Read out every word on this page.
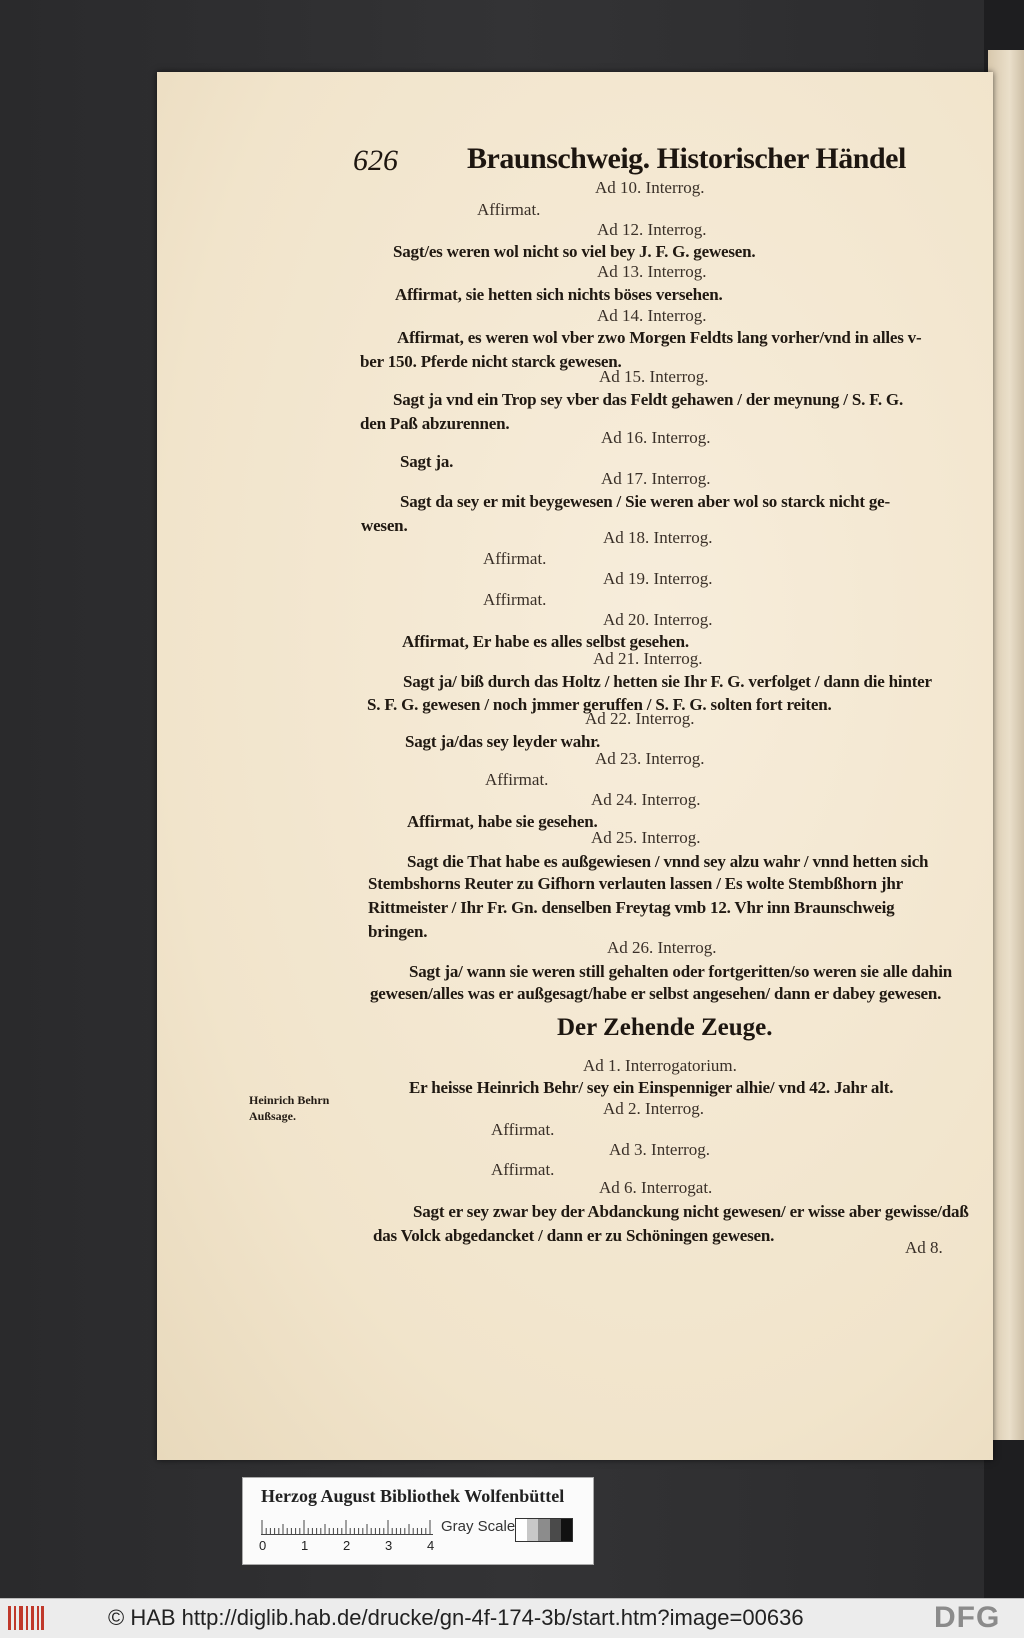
626 Braunschweig. Historischer Händel
Ad 10. Interrog.
Affirmat.
Ad 12. Interrog.
Sagt/es weren wol nicht so viel bey J. F. G. gewesen.
Ad 13. Interrog.
Affirmat, sie hetten sich nichts böses versehen.
Ad 14. Interrog.
Affirmat, es weren wol vber zwo Morgen Feldts lang vorher/vnd in alles v-
ber 150. Pferde nicht starck gewesen.
Ad 15. Interrog.
Sagt ja vnd ein Trop sey vber das Feldt gehawen / der meynung / S. F. G.
den Paß abzurennen.
Ad 16. Interrog.
Sagt ja.
Ad 17. Interrog.
Sagt da sey er mit beygewesen / Sie weren aber wol so starck nicht ge-
wesen.
Ad 18. Interrog.
Affirmat.
Ad 19. Interrog.
Affirmat.
Ad 20. Interrog.
Affirmat, Er habe es alles selbst gesehen.
Ad 21. Interrog.
Sagt ja/ biß durch das Holtz / hetten sie Ihr F. G. verfolget / dann die hinter
S. F. G. gewesen / noch jmmer geruffen / S. F. G. solten fort reiten.
Ad 22. Interrog.
Sagt ja/das sey leyder wahr.
Ad 23. Interrog.
Affirmat.
Ad 24. Interrog.
Affirmat, habe sie gesehen.
Ad 25. Interrog.
Sagt die That habe es außgewiesen / vnnd sey alzu wahr / vnnd hetten sich
Stembshorns Reuter zu Gifhorn verlauten lassen / Es wolte Stembßhorn jhr
Rittmeister / Ihr Fr. Gn. denselben Freytag vmb 12. Vhr inn Braunschweig
bringen.
Ad 26. Interrog.
Sagt ja/ wann sie weren still gehalten oder fortgeritten/so weren sie alle dahin
gewesen/alles was er außgesagt/habe er selbst angesehen/ dann er dabey gewesen.
Der Zehende Zeuge.
Ad 1. Interrogatorium.
Er heisse Heinrich Behr/ sey ein Einspenniger alhie/ vnd 42. Jahr alt.
Ad 2. Interrog.
Affirmat.
Ad 3. Interrog.
Affirmat.
Ad 6. Interrogat.
Sagt er sey zwar bey der Abdanckung nicht gewesen/ er wisse aber gewisse/daß
das Volck abgedancket / dann er zu Schöningen gewesen.
Ad 8.
Heinrich Behrn
Außsage.
Herzog August Bibliothek Wolfenbüttel
0	1	2	3	4
Gray Scale
© HAB http://diglib.hab.de/drucke/gn-4f-174-3b/start.htm?image=00636	DFG
